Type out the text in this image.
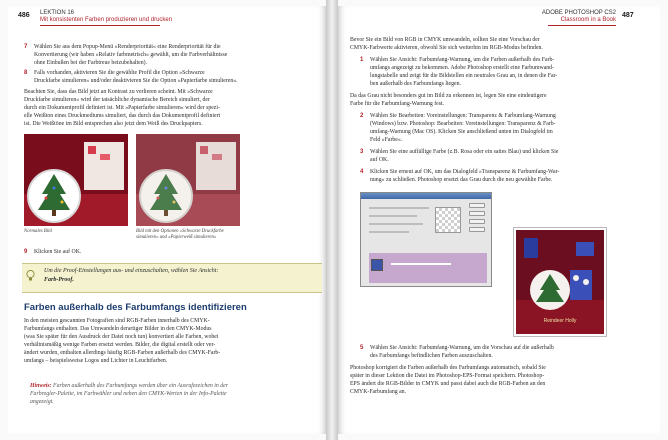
486 LEKTION 16
Mit konsistenten Farben produzieren und drucken
7 Wählen Sie aus dem Popup-Menü »Renderpriorität« eine Renderpriorität für die
Konvertierung (wir haben »Relativ farbmetrisch« gewählt, um die Farbverhältnisse
ohne Einbußen bei der Farbtreue beizubehalten).
8 Falls vorhanden, aktivieren Sie die gewählte Profil die Option »Schwarze
Druckfarbe simulieren« und/oder deaktivieren Sie die Option »Papierfarbe simulieren«.
Beachten Sie, dass das Bild jetzt an Kontrast zu verlieren scheint. Mit »Schwarze
Druckfarbe simulieren« wird der tatsächliche dynamische Bereich simuliert, der
durch ein Dokumentprofil definiert ist. Mit »Papierfarbe simulieren« wird der spezi-
elle Weißton eines Druckmediums simuliert, das durch das Dokumentprofil definiert
ist. Die Weißtöne im Bild entsprechen also jetzt dem Weiß des Druckpapiers.
Normales Bild	Bild mit den Optionen »Schwarze Druckfarbe
simulieren« und »Papierweiß simulieren«
9 Klicken Sie auf OK.
Um die Proof-Einstellungen aus- und einzuschalten, wählen Sie Ansicht:
Farb-Proof.
Farben außerhalb des Farbumfangs identifizieren
In den meisten gescannten Fotografien sind RGB-Farben innerhalb des CMYK-
Farbumfangs enthalten. Das Umwandeln derartiger Bilder in den CMYK-Modus
(was Sie später für den Ausdruck der Datei noch tun) konvertiert alle Farben, wobei
verhältnismäßig wenige Farben ersetzt werden. Bilder, die digital erstellt oder ver-
ändert wurden, enthalten allerdings häufig RGB-Farben außerhalb des CMYK-Farb-
umfangs – beispielsweise Logos und Lichter in Leuchtfarben.
Hinweis: Farben außerhalb des Farbumfangs werden über ein Ausrufezeichen in der
Farbregler-Palette, im Farbwähler und neben den CMYK-Werten in der Info-Palette
angezeigt.
ADOBE PHOTOSHOP CS2
Classroom in a Book
487
Bevor Sie ein Bild von RGB in CMYK umwandeln, sollten Sie eine Vorschau der
CMYK-Farbwerte aktivieren, obwohl Sie sich weiterhin im RGB-Modus befinden.
1 Wählen Sie Ansicht: Farbumfang-Warnung, um die Farben außerhalb des Farb-
umfangs angezeigt zu bekommen. Adobe Photoshop erstellt eine Farbumwand-
lungstabelle und zeigt für die Bildstellen ein neutrales Grau an, in denen die Far-
ben außerhalb des Farbumfangs liegen.
Da das Grau nicht besonders gut im Bild zu erkennen ist, legen Sie eine eindeutigere
Farbe für die Farbumfang-Warnung fest.
2 Wählen Sie Bearbeiten: Voreinstellungen: Transparenz & Farbumfang-Warnung
(Windows) bzw. Photoshop: Bearbeiten: Voreinstellungen: Transparenz & Farb-
umfang-Warnung (Mac OS). Klicken Sie anschließend unten im Dialogfeld im
Feld »Farbe«.
3 Wählen Sie eine auffällige Farbe (z.B. Rosa oder ein sattes Blau) und klicken Sie
auf OK.
4 Klicken Sie erneut auf OK, um das Dialogfeld »Transparenz & Farbumfang-War-
nung« zu schließen. Photoshop ersetzt das Grau durch die neu gewählte Farbe.
Reindeer Holly
5 Wählen Sie Ansicht: Farbumfang-Warnung, um die Vorschau auf die außerhalb
des Farbumfangs befindlichen Farben auszuschalten.
Photoshop korrigiert die Farben außerhalb des Farbumfangs automatisch, sobald Sie
später in dieser Lektion die Datei im Photoshop-EPS-Format speichern. Photoshop-
EPS ändert die RGB-Bilder in CMYK und passt dabei auch die RGB-Farben an den
CMYK-Farbumfang an.
